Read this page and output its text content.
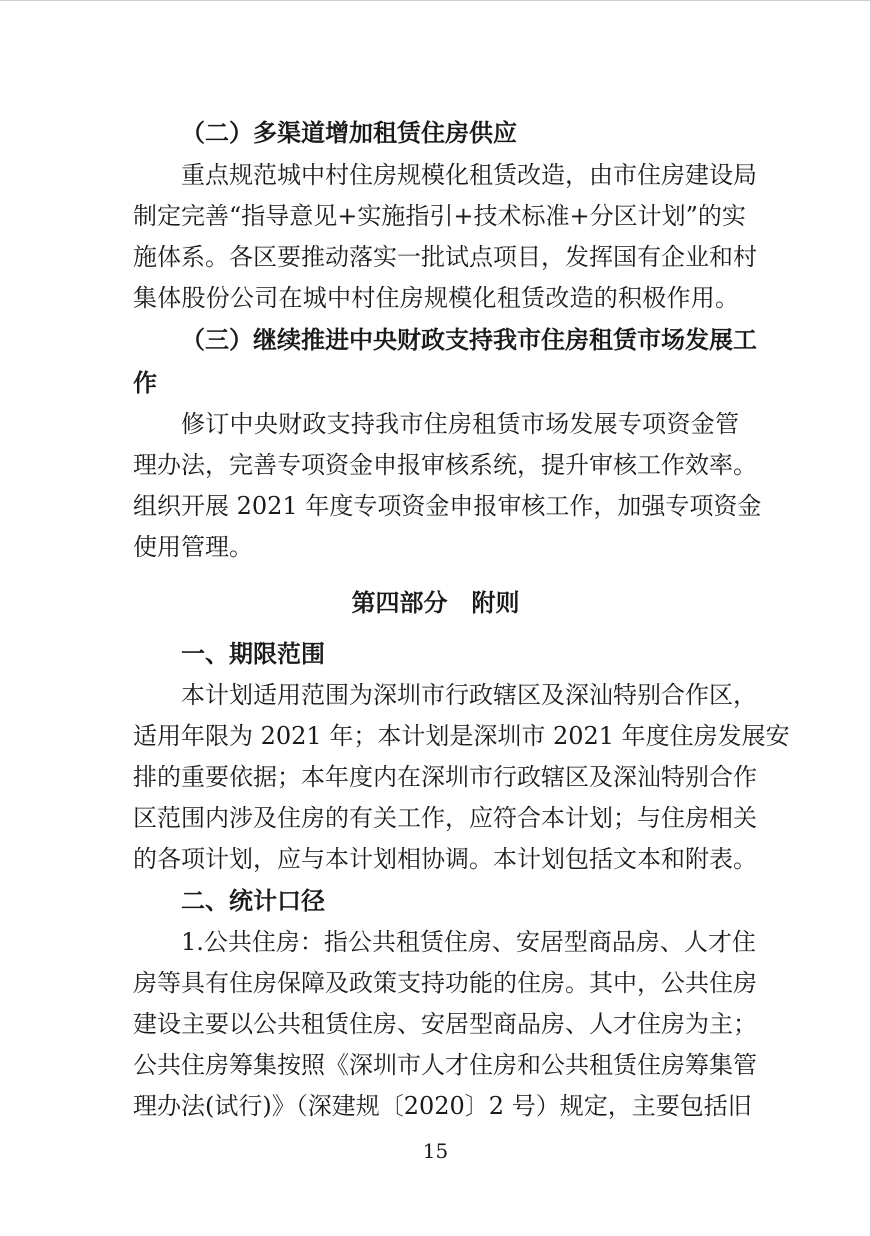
（二）多渠道增加租赁住房供应
重点规范城中村住房规模化租赁改造，由市住房建设局
制定完善“指导意见+实施指引+技术标准+分区计划”的实
施体系。各区要推动落实一批试点项目，发挥国有企业和村
集体股份公司在城中村住房规模化租赁改造的积极作用。
（三）继续推进中央财政支持我市住房租赁市场发展工
作
修订中央财政支持我市住房租赁市场发展专项资金管
理办法，完善专项资金申报审核系统，提升审核工作效率。
组织开展 2021 年度专项资金申报审核工作，加强专项资金
使用管理。
第四部分　附则
一、期限范围
本计划适用范围为深圳市行政辖区及深汕特别合作区，
适用年限为 2021 年；本计划是深圳市 2021 年度住房发展安
排的重要依据；本年度内在深圳市行政辖区及深汕特别合作
区范围内涉及住房的有关工作，应符合本计划；与住房相关
的各项计划，应与本计划相协调。本计划包括文本和附表。
二、统计口径
1.公共住房：指公共租赁住房、安居型商品房、人才住
房等具有住房保障及政策支持功能的住房。其中，公共住房
建设主要以公共租赁住房、安居型商品房、人才住房为主；
公共住房筹集按照《深圳市人才住房和公共租赁住房筹集管
理办法(试行)》（深建规〔2020〕2 号）规定，主要包括旧
15
